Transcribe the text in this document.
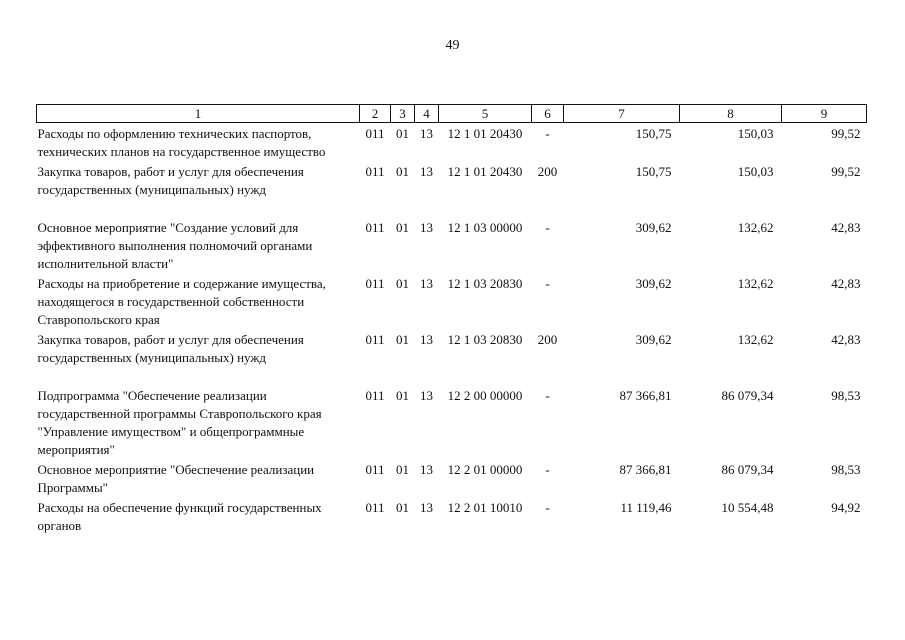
49
1	2	3	4	5	6	7	8	9
Расходы по оформлению технических паспортов, технических планов на государственное имущество	011	01	13	12 1 01 20430	-	150,75	150,03	99,52
Закупка товаров, работ и услуг для обеспечения государственных (муниципальных) нужд	011	01	13	12 1 01 20430	200	150,75	150,03	99,52
Основное мероприятие "Создание условий для эффективного выполнения полномочий органами исполнительной власти"	011	01	13	12 1 03 00000	-	309,62	132,62	42,83
Расходы на приобретение и содержание имущества, находящегося в государственной собственности Ставропольского края	011	01	13	12 1 03 20830	-	309,62	132,62	42,83
Закупка товаров, работ и услуг для обеспечения государственных (муниципальных) нужд	011	01	13	12 1 03 20830	200	309,62	132,62	42,83
Подпрограмма "Обеспечение реализации государственной программы Ставропольского края "Управление имуществом" и общепрограммные мероприятия"	011	01	13	12 2 00 00000	-	87 366,81	86 079,34	98,53
Основное мероприятие "Обеспечение реализации Программы"	011	01	13	12 2 01 00000	-	87 366,81	86 079,34	98,53
Расходы на обеспечение функций государственных органов	011	01	13	12 2 01 10010	-	11 119,46	10 554,48	94,92
